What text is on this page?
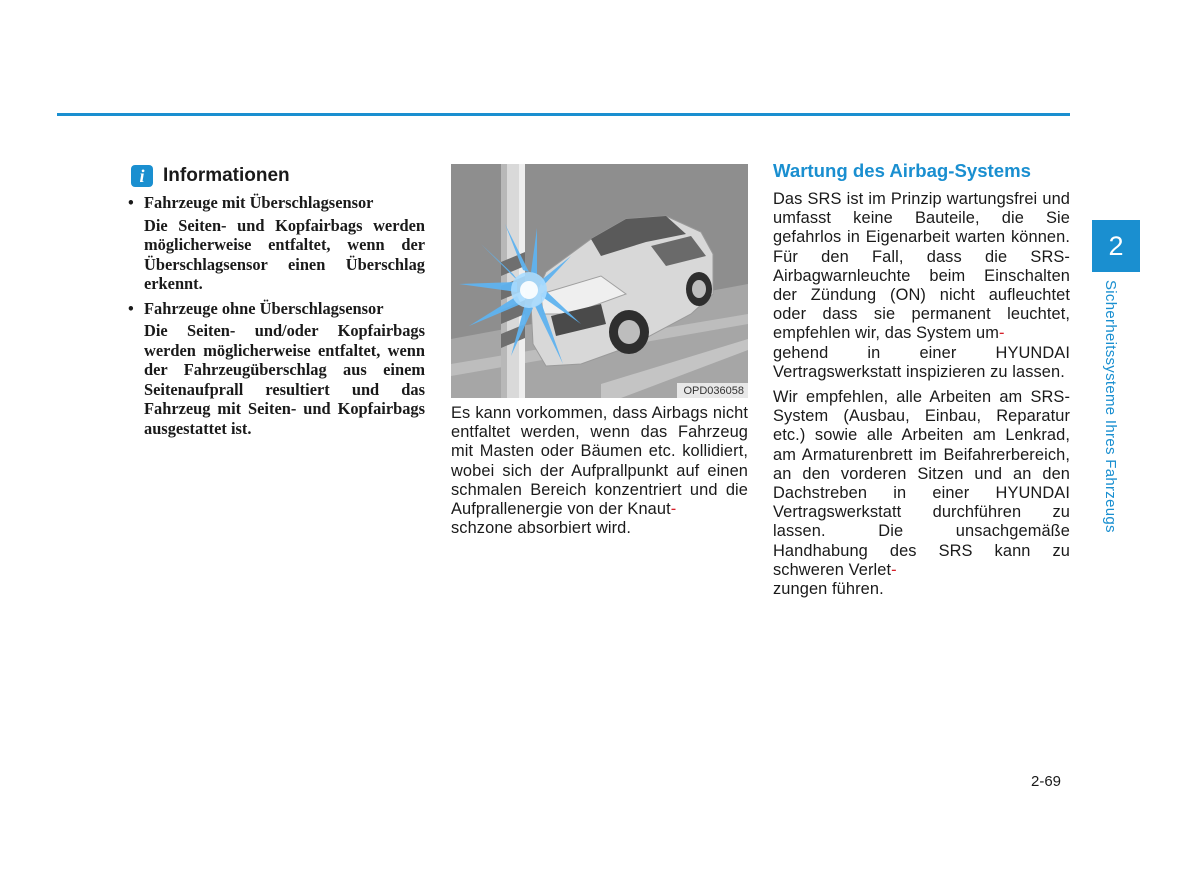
i Informationen
• Fahrzeuge mit Überschlagsensor
Die Seiten- und Kopfairbags werden möglicherweise entfaltet, wenn der Überschlagsensor einen Überschlag erkennt.
• Fahrzeuge ohne Überschlagsensor
Die Seiten- und/oder Kopfairbags werden möglicherweise entfaltet, wenn der Fahrzeugüberschlag aus einem Seitenaufprall resultiert und das Fahrzeug mit Seiten- und Kopfairbags ausgestattet ist.
OPD036058
Es kann vorkommen, dass Airbags nicht entfaltet werden, wenn das Fahrzeug mit Masten oder Bäumen etc. kollidiert, wobei sich der Aufprallpunkt auf einen schmalen Bereich konzentriert und die Aufprallenergie von der Knaut-
schzone absorbiert wird.
Wartung des Airbag-Systems
Das SRS ist im Prinzip wartungsfrei und umfasst keine Bauteile, die Sie gefahrlos in Eigenarbeit warten können. Für den Fall, dass die SRS-Airbagwarnleuchte beim Einschalten der Zündung (ON) nicht aufleuchtet oder dass sie permanent leuchtet, empfehlen wir, das System um-
gehend in einer HYUNDAI Vertragswerkstatt inspizieren zu lassen.
Wir empfehlen, alle Arbeiten am SRS-System (Ausbau, Einbau, Reparatur etc.) sowie alle Arbeiten am Lenkrad, am Armaturenbrett im Beifahrerbereich, an den vorderen Sitzen und an den Dachstreben in einer HYUNDAI Vertragswerkstatt durchführen zu lassen. Die unsachgemäße Handhabung des SRS kann zu schweren Verlet-
zungen führen.
2
Sicherheitssysteme Ihres Fahrzeugs
2-69
